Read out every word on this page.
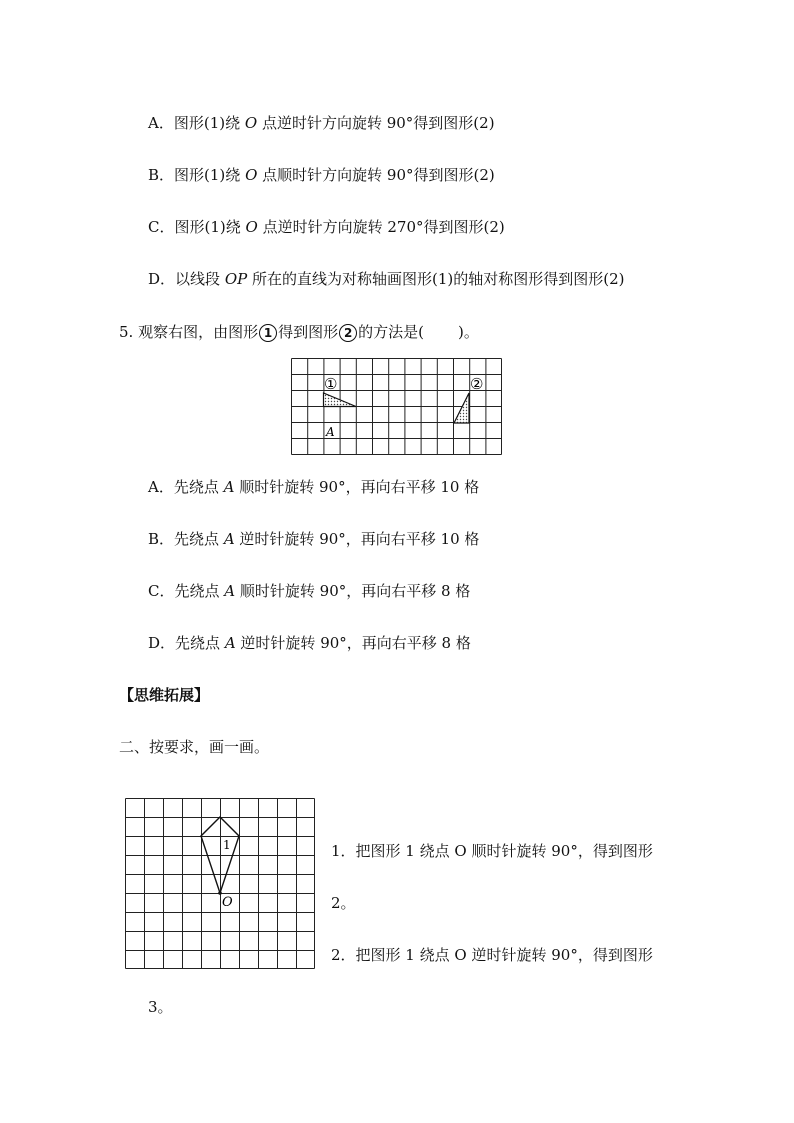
A．图形(1)绕 O 点逆时针方向旋转 90°得到图形(2)
B．图形(1)绕 O 点顺时针方向旋转 90°得到图形(2)
C．图形(1)绕 O 点逆时针方向旋转 270°得到图形(2)
D．以线段 OP 所在的直线为对称轴画图形(1)的轴对称图形得到图形(2)
5. 观察右图，由图形 1 得到图形 2 的方法是( )。
①	②
A
A．先绕点 A 顺时针旋转 90°，再向右平移 10 格
B．先绕点 A 逆时针旋转 90°，再向右平移 10 格
C．先绕点 A 顺时针旋转 90°，再向右平移 8 格
D．先绕点 A 逆时针旋转 90°，再向右平移 8 格
【思维拓展】
二、按要求，画一画。
1
O
1．把图形 1 绕点 O 顺时针旋转 90°，得到图形
2。
2．把图形 1 绕点 O 逆时针旋转 90°，得到图形
3。
